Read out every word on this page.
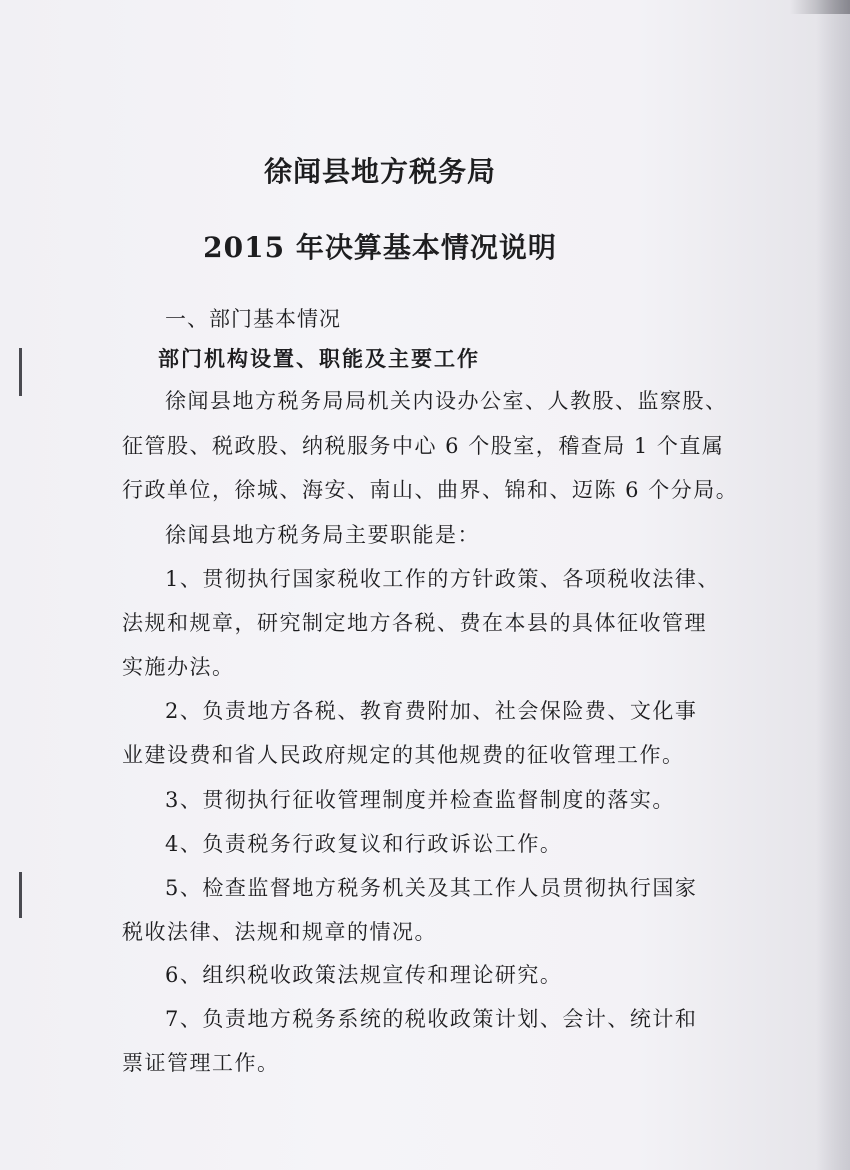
徐闻县地方税务局
2015 年决算基本情况说明
一、部门基本情况
部门机构设置、职能及主要工作
徐闻县地方税务局局机关内设办公室、人教股、监察股、
征管股、税政股、纳税服务中心 6 个股室，稽查局 1 个直属
行政单位，徐城、海安、南山、曲界、锦和、迈陈 6 个分局。
徐闻县地方税务局主要职能是：
1、贯彻执行国家税收工作的方针政策、各项税收法律、
法规和规章，研究制定地方各税、费在本县的具体征收管理
实施办法。
2、负责地方各税、教育费附加、社会保险费、文化事
业建设费和省人民政府规定的其他规费的征收管理工作。
3、贯彻执行征收管理制度并检查监督制度的落实。
4、负责税务行政复议和行政诉讼工作。
5、检查监督地方税务机关及其工作人员贯彻执行国家
税收法律、法规和规章的情况。
6、组织税收政策法规宣传和理论研究。
7、负责地方税务系统的税收政策计划、会计、统计和
票证管理工作。
